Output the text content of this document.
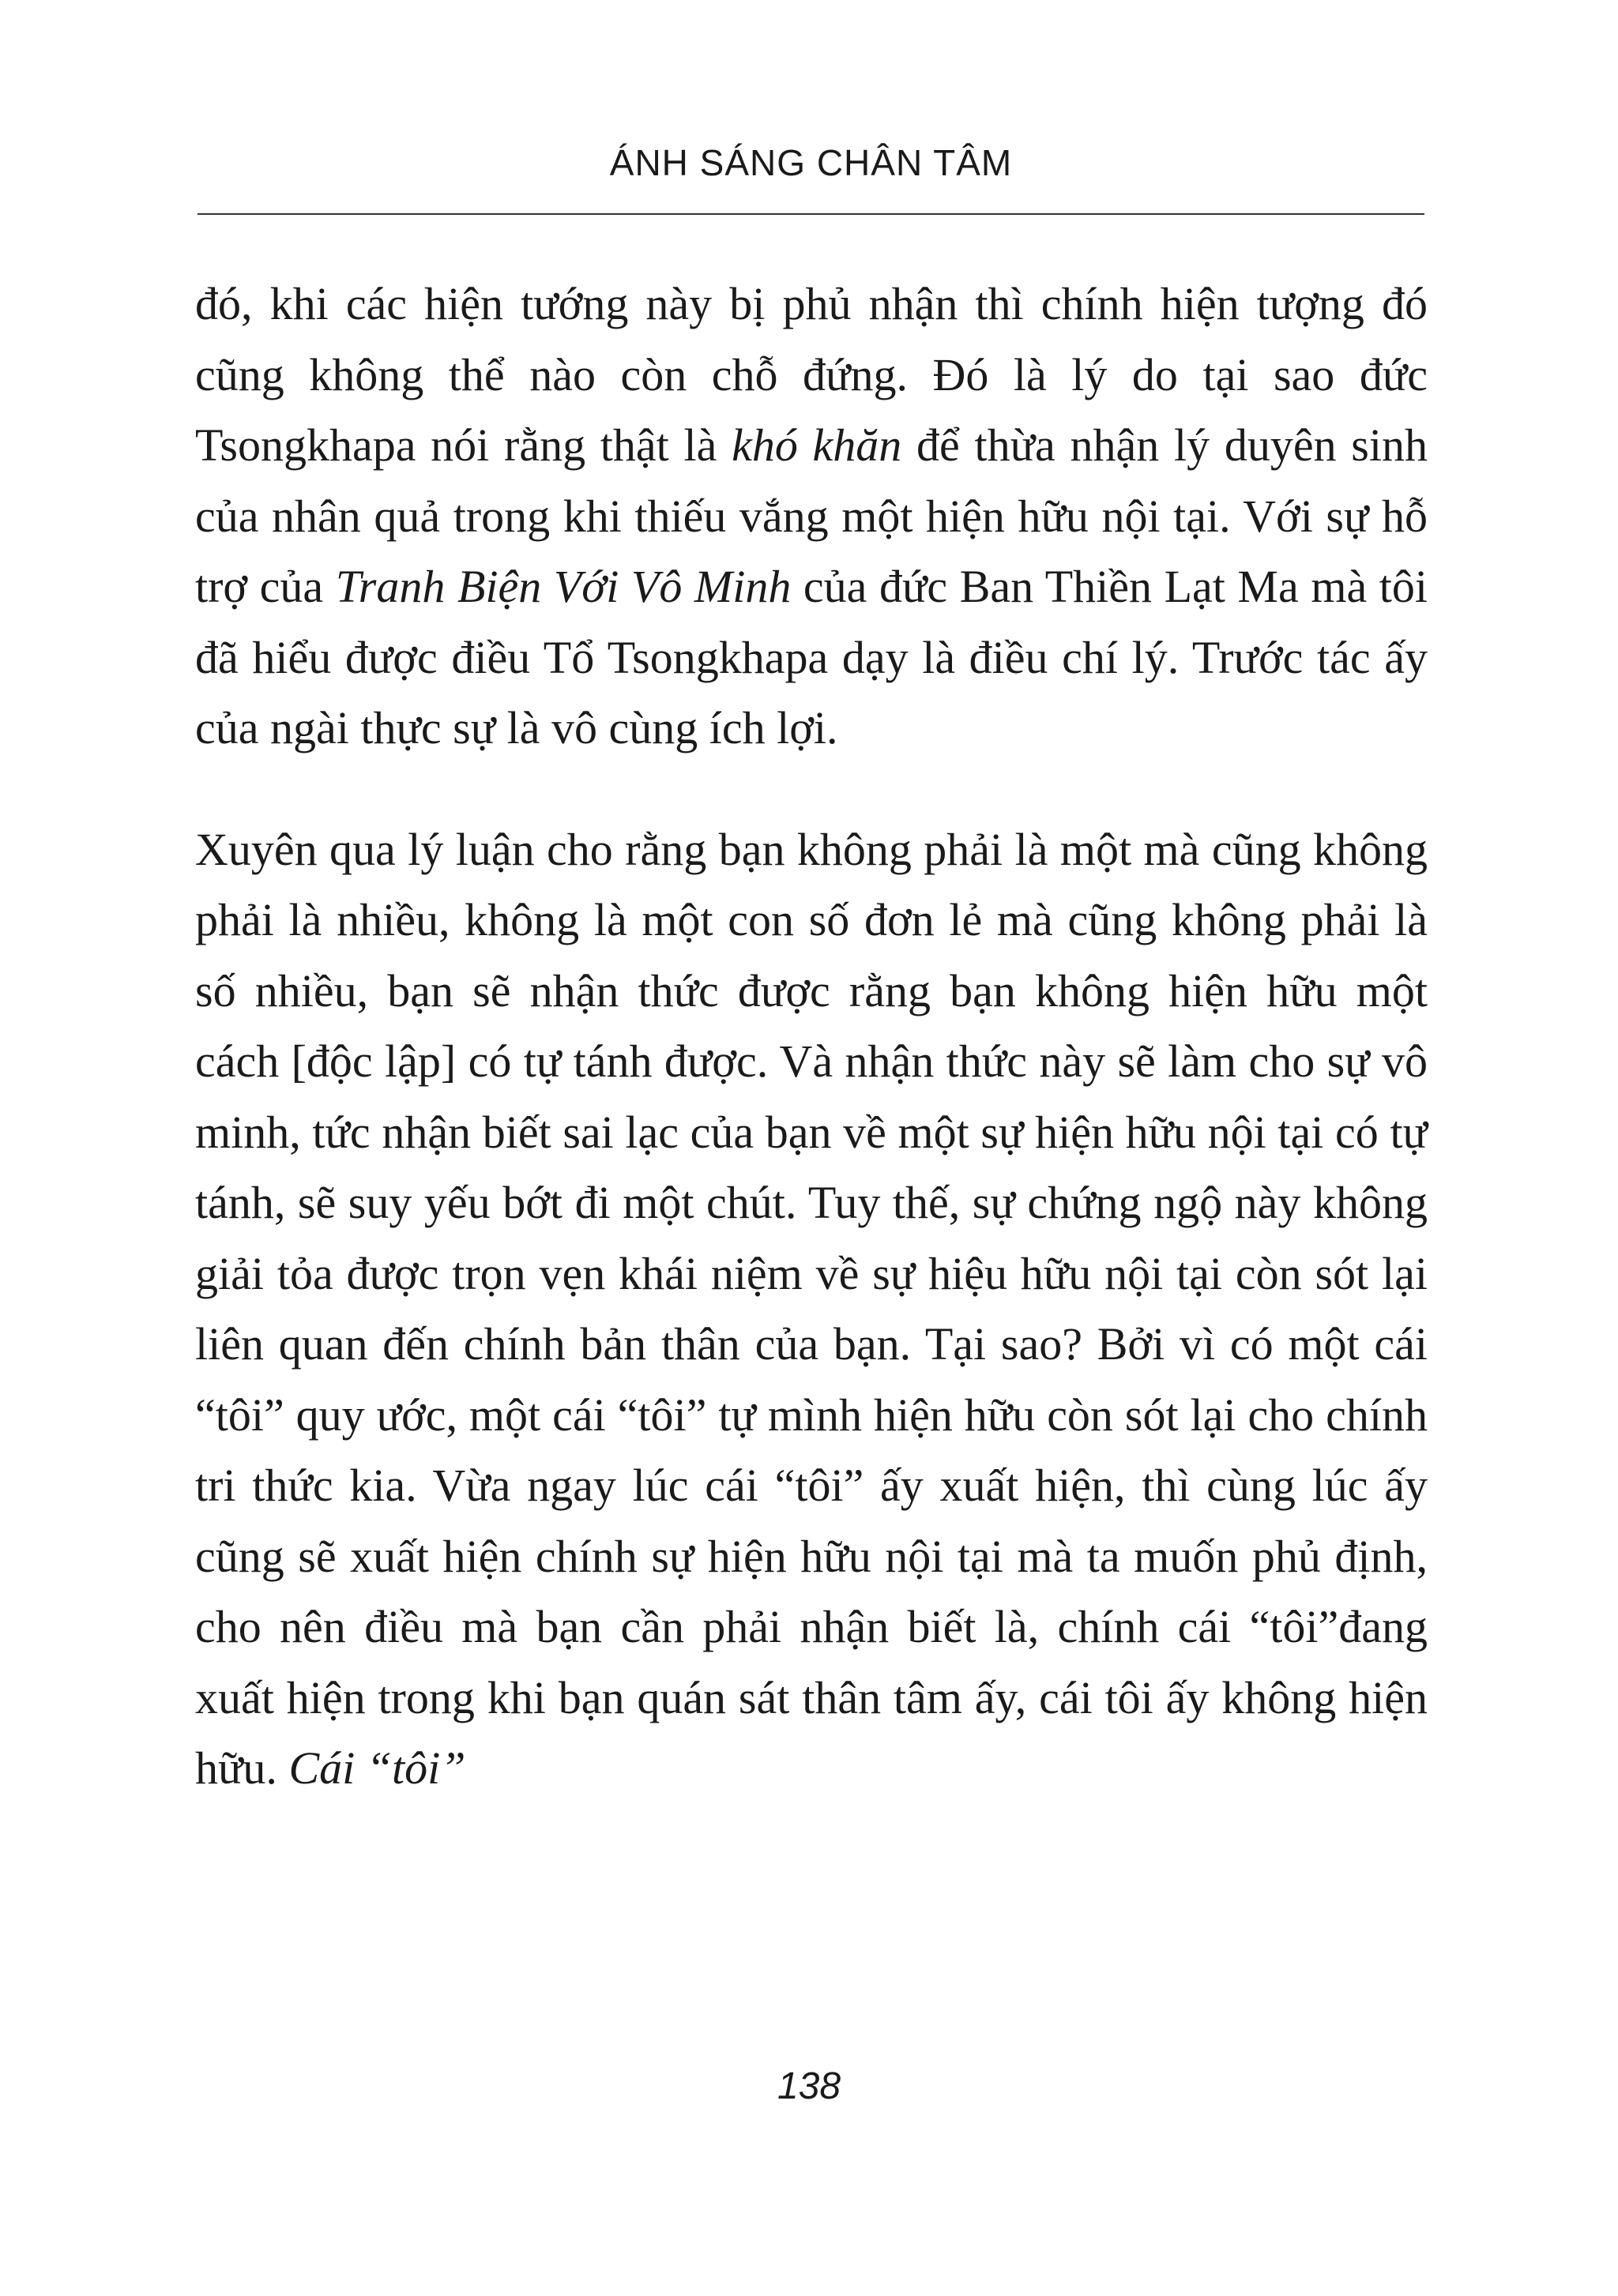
ÁNH SÁNG CHÂN TÂM

đó, khi các hiện tướng này bị phủ nhận thì chính hiện tượng đó cũng không thể nào còn chỗ đứng. Đó là lý do tại sao đức Tsongkhapa nói rằng thật là khó khăn để thừa nhận lý duyên sinh của nhân quả trong khi thiếu vắng một hiện hữu nội tại. Với sự hỗ trợ của Tranh Biện Với Vô Minh của đức Ban Thiền Lạt Ma mà tôi đã hiểu được điều Tổ Tsongkhapa dạy là điều chí lý. Trước tác ấy của ngài thực sự là vô cùng ích lợi.

Xuyên qua lý luận cho rằng bạn không phải là một mà cũng không phải là nhiều, không là một con số đơn lẻ mà cũng không phải là số nhiều, bạn sẽ nhận thức được rằng bạn không hiện hữu một cách [độc lập] có tự tánh được. Và nhận thức này sẽ làm cho sự vô minh, tức nhận biết sai lạc của bạn về một sự hiện hữu nội tại có tự tánh, sẽ suy yếu bớt đi một chút. Tuy thế, sự chứng ngộ này không giải tỏa được trọn vẹn khái niệm về sự hiệu hữu nội tại còn sót lại liên quan đến chính bản thân của bạn. Tại sao? Bởi vì có một cái “tôi” quy ước, một cái “tôi” tự mình hiện hữu còn sót lại cho chính tri thức kia. Vừa ngay lúc cái “tôi” ấy xuất hiện, thì cùng lúc ấy cũng sẽ xuất hiện chính sự hiện hữu nội tại mà ta muốn phủ định, cho nên điều mà bạn cần phải nhận biết là, chính cái “tôi”đang xuất hiện trong khi bạn quán sát thân tâm ấy, cái tôi ấy không hiện hữu. Cái “tôi”

138
